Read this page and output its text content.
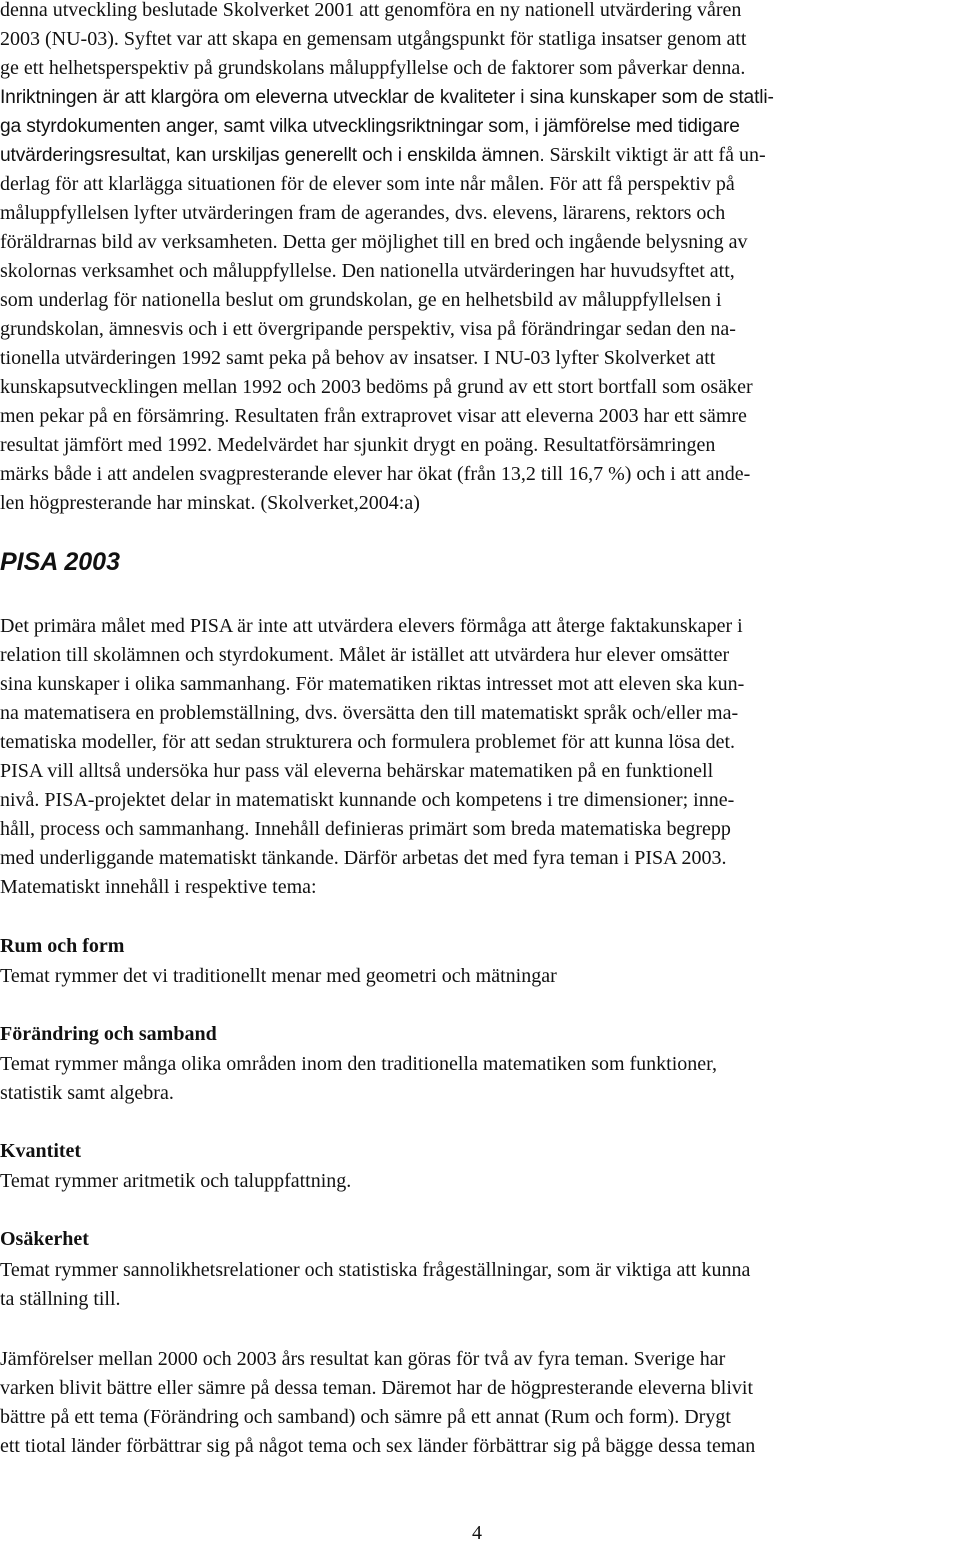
denna utveckling beslutade Skolverket 2001 att genomföra en ny nationell utvärdering våren
2003 (NU-03). Syftet var att skapa en gemensam utgångspunkt för statliga insatser genom att
ge ett helhetsperspektiv på grundskolans måluppfyllelse och de faktorer som påverkar denna.
Inriktningen är att klargöra om eleverna utvecklar de kvaliteter i sina kunskaper som de statli-
ga styrdokumenten anger, samt vilka utvecklingsriktningar som, i jämförelse med tidigare
utvärderingsresultat, kan urskiljas generellt och i enskilda ämnen. Särskilt viktigt är att få un-
derlag för att klarlägga situationen för de elever som inte når målen. För att få perspektiv på
måluppfyllelsen lyfter utvärderingen fram de agerandes, dvs. elevens, lärarens, rektors och
föräldrarnas bild av verksamheten. Detta ger möjlighet till en bred och ingående belysning av
skolornas verksamhet och måluppfyllelse. Den nationella utvärderingen har huvudsyftet att,
som underlag för nationella beslut om grundskolan, ge en helhetsbild av måluppfyllelsen i
grundskolan, ämnesvis och i ett övergripande perspektiv, visa på förändringar sedan den na-
tionella utvärderingen 1992 samt peka på behov av insatser. I NU-03 lyfter Skolverket att
kunskapsutvecklingen mellan 1992 och 2003 bedöms på grund av ett stort bortfall som osäker
men pekar på en försämring. Resultaten från extraprovet visar att eleverna 2003 har ett sämre
resultat jämfört med 1992. Medelvärdet har sjunkit drygt en poäng. Resultatförsämringen
märks både i att andelen svagpresterande elever har ökat (från 13,2 till 16,7 %) och i att ande-
len högpresterande har minskat. (Skolverket,2004:a)
PISA 2003
Det primära målet med PISA är inte att utvärdera elevers förmåga att återge faktakunskaper i
relation till skolämnen och styrdokument. Målet är istället att utvärdera hur elever omsätter
sina kunskaper i olika sammanhang. För matematiken riktas intresset mot att eleven ska kun-
na matematisera en problemställning, dvs. översätta den till matematiskt språk och/eller ma-
tematiska modeller, för att sedan strukturera och formulera problemet för att kunna lösa det.
PISA vill alltså undersöka hur pass väl eleverna behärskar matematiken på en funktionell
nivå. PISA-projektet delar in matematiskt kunnande och kompetens i tre dimensioner; inne-
håll, process och sammanhang. Innehåll definieras primärt som breda matematiska begrepp
med underliggande matematiskt tänkande. Därför arbetas det med fyra teman i PISA 2003.
Matematiskt innehåll i respektive tema:
Rum och form

Temat rymmer det vi traditionellt menar med geometri och mätningar

Förändring och samband

Temat rymmer många olika områden inom den traditionella matematiken som funktioner,
statistik samt algebra.

Kvantitet

Temat rymmer aritmetik och taluppfattning.

Osäkerhet

Temat rymmer sannolikhetsrelationer och statistiska frågeställningar, som är viktiga att kunna
ta ställning till.

Jämförelser mellan 2000 och 2003 års resultat kan göras för två av fyra teman. Sverige har
varken blivit bättre eller sämre på dessa teman. Däremot har de högpresterande eleverna blivit
bättre på ett tema (Förändring och samband) och sämre på ett annat (Rum och form). Drygt
ett tiotal länder förbättrar sig på något tema och sex länder förbättrar sig på bägge dessa teman
4
